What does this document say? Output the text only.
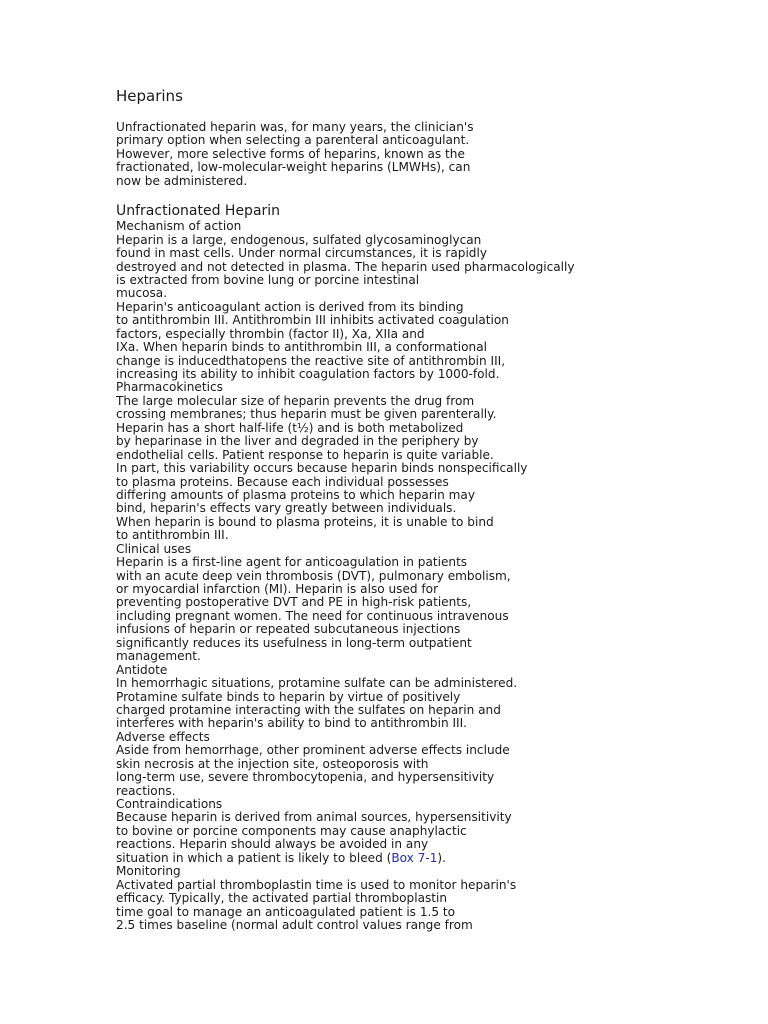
Heparins
Unfractionated heparin was, for many years, the clinician's
primary option when selecting a parenteral anticoagulant.
However, more selective forms of heparins, known as the
fractionated, low-molecular-weight heparins (LMWHs), can
now be administered.
Unfractionated Heparin
Mechanism of action
Heparin is a large, endogenous, sulfated glycosaminoglycan
found in mast cells. Under normal circumstances, it is rapidly
destroyed and not detected in plasma. The heparin used pharmacologically
is extracted from bovine lung or porcine intestinal
mucosa.
Heparin's anticoagulant action is derived from its binding
to antithrombin III. Antithrombin III inhibits activated coagulation
factors, especially thrombin (factor II), Xa, XIIa and
IXa. When heparin binds to antithrombin III, a conformational
change is inducedthatopens the reactive site of antithrombin III,
increasing its ability to inhibit coagulation factors by 1000-fold.
Pharmacokinetics
The large molecular size of heparin prevents the drug from
crossing membranes; thus heparin must be given parenterally.
Heparin has a short half-life (t½) and is both metabolized
by heparinase in the liver and degraded in the periphery by
endothelial cells. Patient response to heparin is quite variable.
In part, this variability occurs because heparin binds nonspecifically
to plasma proteins. Because each individual possesses
differing amounts of plasma proteins to which heparin may
bind, heparin's effects vary greatly between individuals.
When heparin is bound to plasma proteins, it is unable to bind
to antithrombin III.
Clinical uses
Heparin is a first-line agent for anticoagulation in patients
with an acute deep vein thrombosis (DVT), pulmonary embolism,
or myocardial infarction (MI). Heparin is also used for
preventing postoperative DVT and PE in high-risk patients,
including pregnant women. The need for continuous intravenous
infusions of heparin or repeated subcutaneous injections
significantly reduces its usefulness in long-term outpatient
management.
Antidote
In hemorrhagic situations, protamine sulfate can be administered.
Protamine sulfate binds to heparin by virtue of positively
charged protamine interacting with the sulfates on heparin and
interferes with heparin's ability to bind to antithrombin III.
Adverse effects
Aside from hemorrhage, other prominent adverse effects include
skin necrosis at the injection site, osteoporosis with
long-term use, severe thrombocytopenia, and hypersensitivity
reactions.
Contraindications
Because heparin is derived from animal sources, hypersensitivity
to bovine or porcine components may cause anaphylactic
reactions. Heparin should always be avoided in any
situation in which a patient is likely to bleed (Box 7-1).
Monitoring
Activated partial thromboplastin time is used to monitor heparin's
efficacy. Typically, the activated partial thromboplastin
time goal to manage an anticoagulated patient is 1.5 to
2.5 times baseline (normal adult control values range from
